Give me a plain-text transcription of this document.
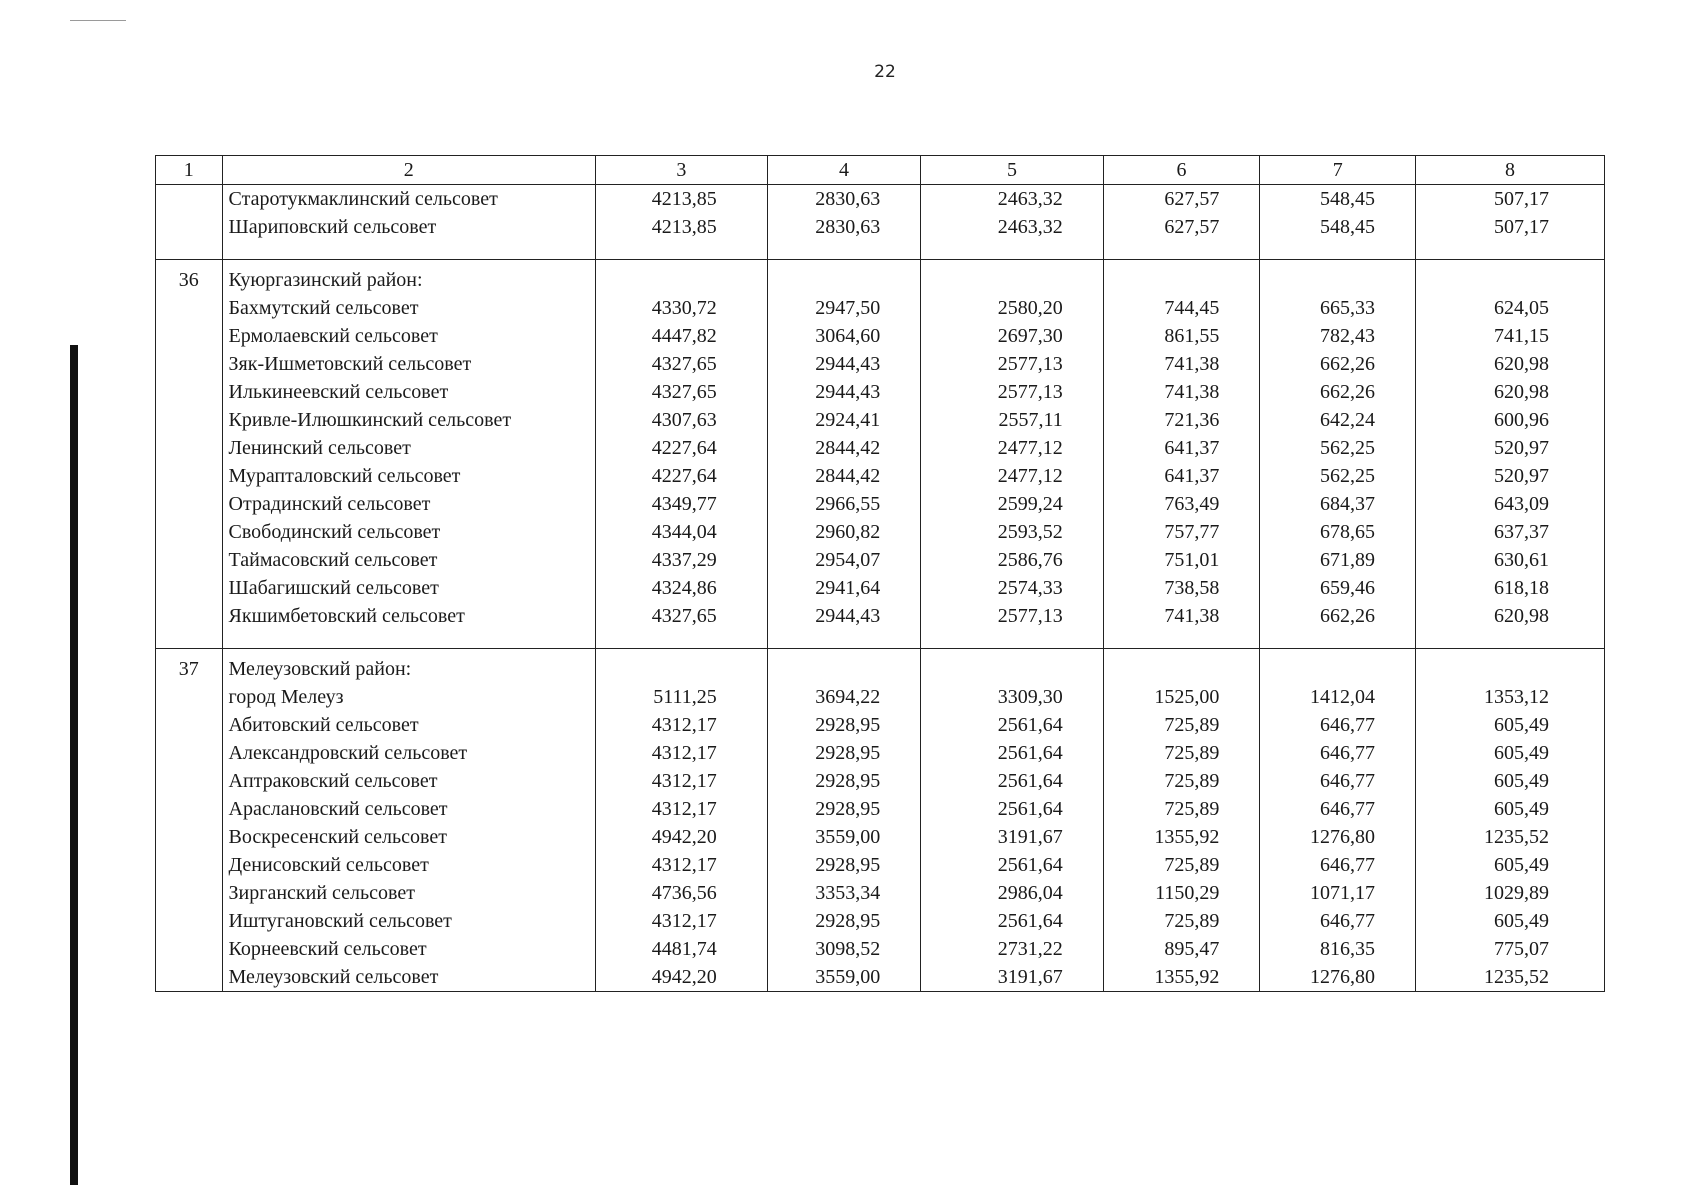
22
1	2	3	4	5	6	7	8
	Старотукмаклинский сельсовет	4213,85	2830,63	2463,32	627,57	548,45	507,17
	Шариповский сельсовет	4213,85	2830,63	2463,32	627,57	548,45	507,17

36	Куюргазинский район:						
	Бахмутский сельсовет	4330,72	2947,50	2580,20	744,45	665,33	624,05
	Ермолаевский сельсовет	4447,82	3064,60	2697,30	861,55	782,43	741,15
	Зяк-Ишметовский сельсовет	4327,65	2944,43	2577,13	741,38	662,26	620,98
	Илькинеевский сельсовет	4327,65	2944,43	2577,13	741,38	662,26	620,98
	Кривле-Илюшкинский сельсовет	4307,63	2924,41	2557,11	721,36	642,24	600,96
	Ленинский сельсовет	4227,64	2844,42	2477,12	641,37	562,25	520,97
	Мурапталовский сельсовет	4227,64	2844,42	2477,12	641,37	562,25	520,97
	Отрадинский сельсовет	4349,77	2966,55	2599,24	763,49	684,37	643,09
	Свободинский сельсовет	4344,04	2960,82	2593,52	757,77	678,65	637,37
	Таймасовский сельсовет	4337,29	2954,07	2586,76	751,01	671,89	630,61
	Шабагишский сельсовет	4324,86	2941,64	2574,33	738,58	659,46	618,18
	Якшимбетовский сельсовет	4327,65	2944,43	2577,13	741,38	662,26	620,98

37	Мелеузовский район:						
	город Мелеуз	5111,25	3694,22	3309,30	1525,00	1412,04	1353,12
	Абитовский сельсовет	4312,17	2928,95	2561,64	725,89	646,77	605,49
	Александровский сельсовет	4312,17	2928,95	2561,64	725,89	646,77	605,49
	Аптраковский сельсовет	4312,17	2928,95	2561,64	725,89	646,77	605,49
	Араслановский сельсовет	4312,17	2928,95	2561,64	725,89	646,77	605,49
	Воскресенский сельсовет	4942,20	3559,00	3191,67	1355,92	1276,80	1235,52
	Денисовский сельсовет	4312,17	2928,95	2561,64	725,89	646,77	605,49
	Зирганский сельсовет	4736,56	3353,34	2986,04	1150,29	1071,17	1029,89
	Иштугановский сельсовет	4312,17	2928,95	2561,64	725,89	646,77	605,49
	Корнеевский сельсовет	4481,74	3098,52	2731,22	895,47	816,35	775,07
	Мелеузовский сельсовет	4942,20	3559,00	3191,67	1355,92	1276,80	1235,52
